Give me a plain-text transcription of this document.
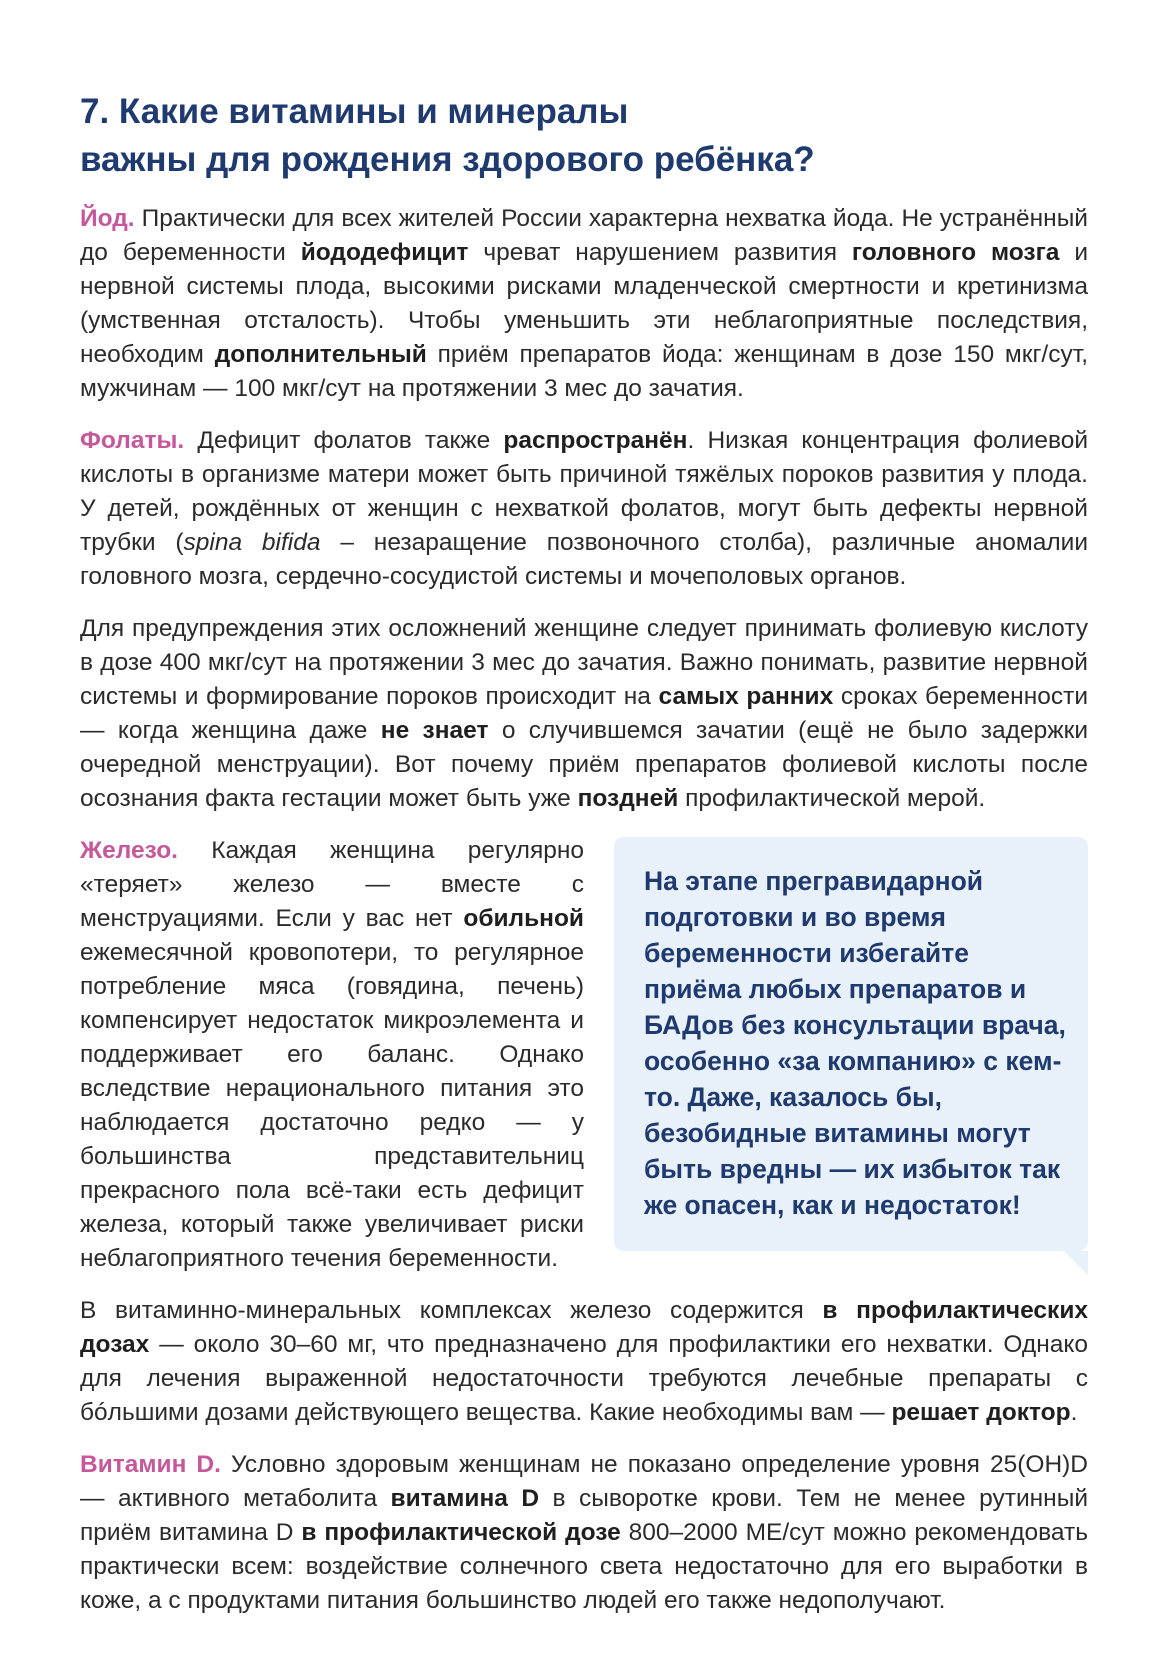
7. Какие витамины и минералы
важны для рождения здорового ребёнка?

Йод. Практически для всех жителей России характерна нехватка йода. Не устранённый до беременности йододефицит чреват нарушением развития головного мозга и нервной системы плода, высокими рисками младенческой смертности и кретинизма (умственная отсталость). Чтобы уменьшить эти неблагоприятные последствия, необходим дополнительный приём препаратов йода: женщинам в дозе 150 мкг/сут, мужчинам — 100 мкг/сут на протяжении 3 мес до зачатия.

Фолаты. Дефицит фолатов также распространён. Низкая концентрация фолиевой кислоты в организме матери может быть причиной тяжёлых пороков развития у плода. У детей, рождённых от женщин с нехваткой фолатов, могут быть дефекты нервной трубки (spina bifida – незаращение позвоночного столба), различные аномалии головного мозга, сердечно-сосудистой системы и мочеполовых органов.

Для предупреждения этих осложнений женщине следует принимать фолиевую кислоту в дозе 400 мкг/сут на протяжении 3 мес до зачатия. Важно понимать, развитие нервной системы и формирование пороков происходит на самых ранних сроках беременности — когда женщина даже не знает о случившемся зачатии (ещё не было задержки очередной менструации). Вот почему приём препаратов фолиевой кислоты после осознания факта гестации может быть уже поздней профилактической мерой.

Железо. Каждая женщина регулярно «теряет» железо — вместе с менструациями. Если у вас нет обильной ежемесячной кровопотери, то регулярное потребление мяса (говядина, печень) компенсирует недостаток микроэлемента и поддерживает его баланс. Однако вследствие нерационального питания это наблюдается достаточно редко — у большинства представительниц прекрасного пола всё-таки есть дефицит железа, который также увеличивает риски неблагоприятного течения беременности.

На этапе прегравидарной подготовки и во время беременности избегайте приёма любых препаратов и БАДов без консультации врача, особенно «за компанию» с кем-то. Даже, казалось бы, безобидные витамины могут быть вредны — их избыток так же опасен, как и недостаток!

В витаминно-минеральных комплексах железо содержится в профилактических дозах — около 30–60 мг, что предназначено для профилактики его нехватки. Однако для лечения выраженной недостаточности требуются лечебные препараты с бóльшими дозами действующего вещества. Какие необходимы вам — решает доктор.

Витамин D. Условно здоровым женщинам не показано определение уровня 25(OH)D — активного метаболита витамина D в сыворотке крови. Тем не менее рутинный приём витамина D в профилактической дозе 800–2000 МЕ/сут можно рекомендовать практически всем: воздействие солнечного света недостаточно для его выработки в коже, а с продуктами питания большинство людей его также недополучают.
